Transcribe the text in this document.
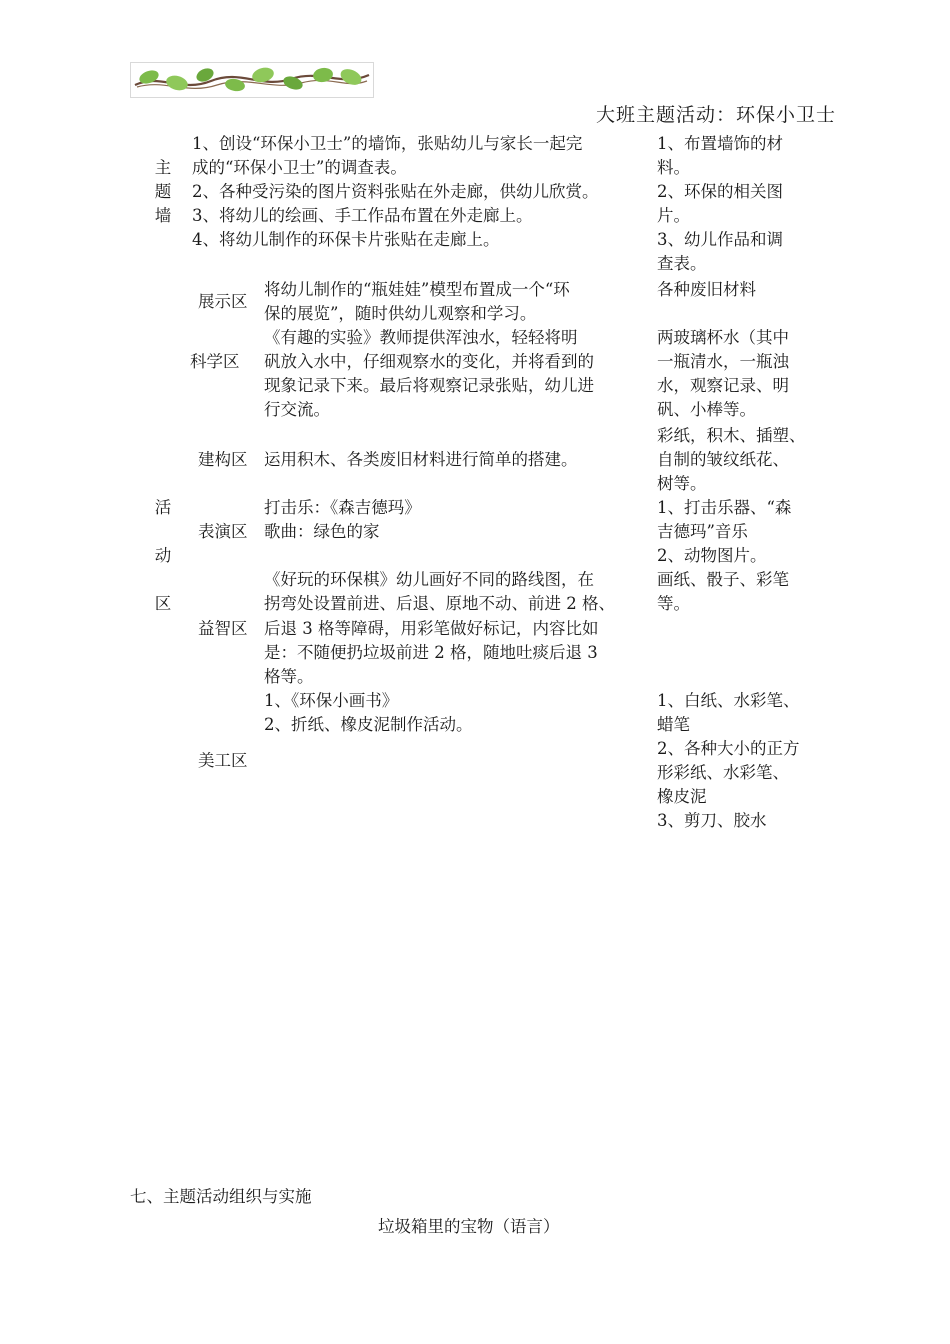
大班主题活动：环保小卫士
主
题
墙
1、创设“环保小卫士”的墙饰，张贴幼儿与家长一起完
成的“环保小卫士”的调查表。
2、各种受污染的图片资料张贴在外走廊，供幼儿欣赏。
3、将幼儿的绘画、手工作品布置在外走廊上。
4、将幼儿制作的环保卡片张贴在走廊上。
1、布置墙饰的材
料。
2、环保的相关图
片。
3、幼儿作品和调
查表。
活
动
区
展示区
将幼儿制作的“瓶娃娃”模型布置成一个“环
保的展览”，随时供幼儿观察和学习。
各种废旧材料
科学区
《有趣的实验》教师提供浑浊水，轻轻将明
矾放入水中，仔细观察水的变化，并将看到的
现象记录下来。最后将观察记录张贴，幼儿进
行交流。
两玻璃杯水（其中
一瓶清水，一瓶浊
水，观察记录、明
矾、小棒等。
建构区 运用积木、各类废旧材料进行简单的搭建。
彩纸，积木、插塑、
自制的皱纹纸花、
树等。
表演区
打击乐：《森吉德玛》
歌曲：绿色的家
1、打击乐器、“森
吉德玛”音乐
2、动物图片。
益智区
《好玩的环保棋》幼儿画好不同的路线图，在
拐弯处设置前进、后退、原地不动、前进 2 格、
后退 3 格等障碍，用彩笔做好标记，内容比如
是：不随便扔垃圾前进 2 格，随地吐痰后退 3
格等。
画纸、骰子、彩笔
等。
美工区
1、《环保小画书》
2、折纸、橡皮泥制作活动。
1、白纸、水彩笔、
蜡笔
2、各种大小的正方
形彩纸、水彩笔、
橡皮泥
3、剪刀、胶水
七、主题活动组织与实施
垃圾箱里的宝物（语言）
